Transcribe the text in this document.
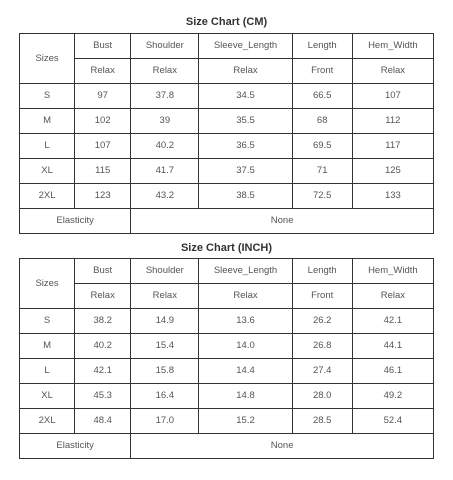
Size Chart (CM)
Sizes	Bust	Shoulder	Sleeve_Length	Length	Hem_Width
	Relax	Relax	Relax	Front	Relax
S	97	37.8	34.5	66.5	107
M	102	39	35.5	68	112
L	107	40.2	36.5	69.5	117
XL	115	41.7	37.5	71	125
2XL	123	43.2	38.5	72.5	133
Elasticity		None			
Size Chart (INCH)
Sizes	Bust	Shoulder	Sleeve_Length	Length	Hem_Width
	Relax	Relax	Relax	Front	Relax
S	38.2	14.9	13.6	26.2	42.1
M	40.2	15.4	14.0	26.8	44.1
L	42.1	15.8	14.4	27.4	46.1
XL	45.3	16.4	14.8	28.0	49.2
2XL	48.4	17.0	15.2	28.5	52.4
Elasticity		None			
